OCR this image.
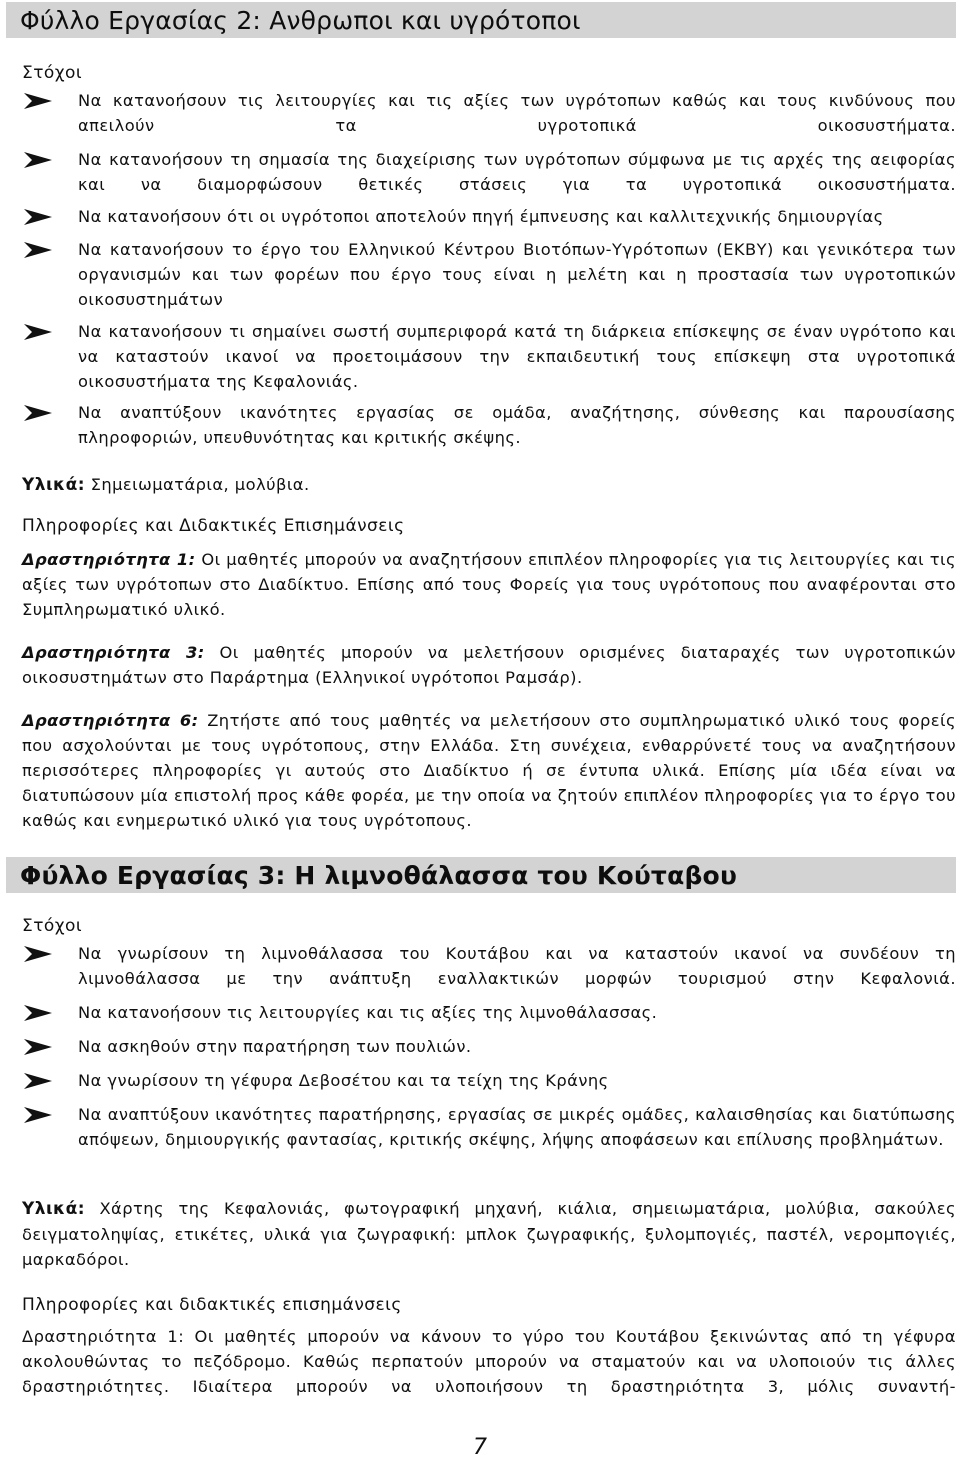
Φύλλο Εργασίας 2: Ανθρωποι και υγρότοποι
Στόχοι
Να κατανοήσουν τις λειτουργίες και τις αξίες των υγρότοπων καθώς και τους κινδύνους που απειλούν τα υγροτοπικά οικοσυστήματα.
Να κατανοήσουν τη σημασία της διαχείρισης των υγρότοπων σύμφωνα με τις αρχές της αειφορίας και να διαμορφώσουν θετικές στάσεις για τα υγροτοπικά οικοσυστήματα.
Να κατανοήσουν ότι οι υγρότοποι αποτελούν πηγή έμπνευσης και καλλιτεχνικής δημιουργίας
Να κατανοήσουν το έργο του Ελληνικού Κέντρου Βιοτόπων-Υγρότοπων (ΕΚΒΥ) και γενικότερα των οργανισμών και των φορέων που έργο τους είναι η μελέτη και η προστασία των υγροτοπικών οικοσυστημάτων
Να κατανοήσουν τι σημαίνει σωστή συμπεριφορά κατά τη διάρκεια επίσκεψης σε έναν υγρότοπο και να καταστούν ικανοί να προετοιμάσουν την εκπαιδευτική τους επίσκεψη στα υγροτοπικά οικοσυστήματα της Κεφαλονιάς.
Να αναπτύξουν ικανότητες εργασίας σε ομάδα, αναζήτησης, σύνθεσης και παρουσίασης πληροφοριών, υπευθυνότητας και κριτικής σκέψης.
Υλικά: Σημειωματάρια, μολύβια.
Πληροφορίες και Διδακτικές Επισημάνσεις
Δραστηριότητα 1: Οι μαθητές μπορούν να αναζητήσουν επιπλέον πληροφορίες για τις λειτουργίες και τις αξίες των υγρότοπων στο Διαδίκτυο. Επίσης από τους Φορείς για τους υγρότοπους που αναφέρονται στο Συμπληρωματικό υλικό.
Δραστηριότητα 3: Οι μαθητές μπορούν να μελετήσουν ορισμένες διαταραχές των υγροτοπικών οικοσυστημάτων στο Παράρτημα (Ελληνικοί υγρότοποι Ραμσάρ).
Δραστηριότητα 6: Ζητήστε από τους μαθητές να μελετήσουν στο συμπληρωματικό υλικό τους φορείς που ασχολούνται με τους υγρότοπους, στην Ελλάδα. Στη συνέχεια, ενθαρρύνετέ τους να αναζητήσουν περισσότερες πληροφορίες γι αυτούς στο Διαδίκτυο ή σε έντυπα υλικά. Επίσης μία ιδέα είναι να διατυπώσουν μία επιστολή προς κάθε φορέα, με την οποία να ζητούν επιπλέον πληροφορίες για το έργο του καθώς και ενημερωτικό υλικό για τους υγρότοπους.
Φύλλο Εργασίας 3: Η λιμνοθάλασσα του Κούταβου
Στόχοι
Να γνωρίσουν τη λιμνοθάλασσα του Κουτάβου και να καταστούν ικανοί να συνδέουν τη λιμνοθάλασσα με την ανάπτυξη εναλλακτικών μορφών τουρισμού στην Κεφαλονιά.
Να κατανοήσουν τις λειτουργίες και τις αξίες της λιμνοθάλασσας.
Να ασκηθούν στην παρατήρηση των πουλιών.
Να γνωρίσουν τη γέφυρα Δεβοσέτου και τα τείχη της Κράνης
Να αναπτύξουν ικανότητες παρατήρησης, εργασίας σε μικρές ομάδες, καλαισθησίας και διατύπωσης απόψεων, δημιουργικής φαντασίας, κριτικής σκέψης, λήψης αποφάσεων και επίλυσης προβλημάτων.
Υλικά: Χάρτης της Κεφαλονιάς, φωτογραφική μηχανή, κιάλια, σημειωματάρια, μολύβια, σακούλες δειγματοληψίας, ετικέτες, υλικά για ζωγραφική: μπλοκ ζωγραφικής, ξυλομπογιές, παστέλ, νερομπογιές, μαρκαδόροι.
Πληροφορίες και διδακτικές επισημάνσεις
Δραστηριότητα 1: Οι μαθητές μπορούν να κάνουν το γύρο του Κουτάβου ξεκινώντας από τη γέφυρα ακολουθώντας το πεζόδρομο. Καθώς περπατούν μπορούν να σταματούν και να υλοποιούν τις άλλες δραστηριότητες. Ιδιαίτερα μπορούν να υλοποιήσουν τη δραστηριότητα 3, μόλις συναντή-
7
